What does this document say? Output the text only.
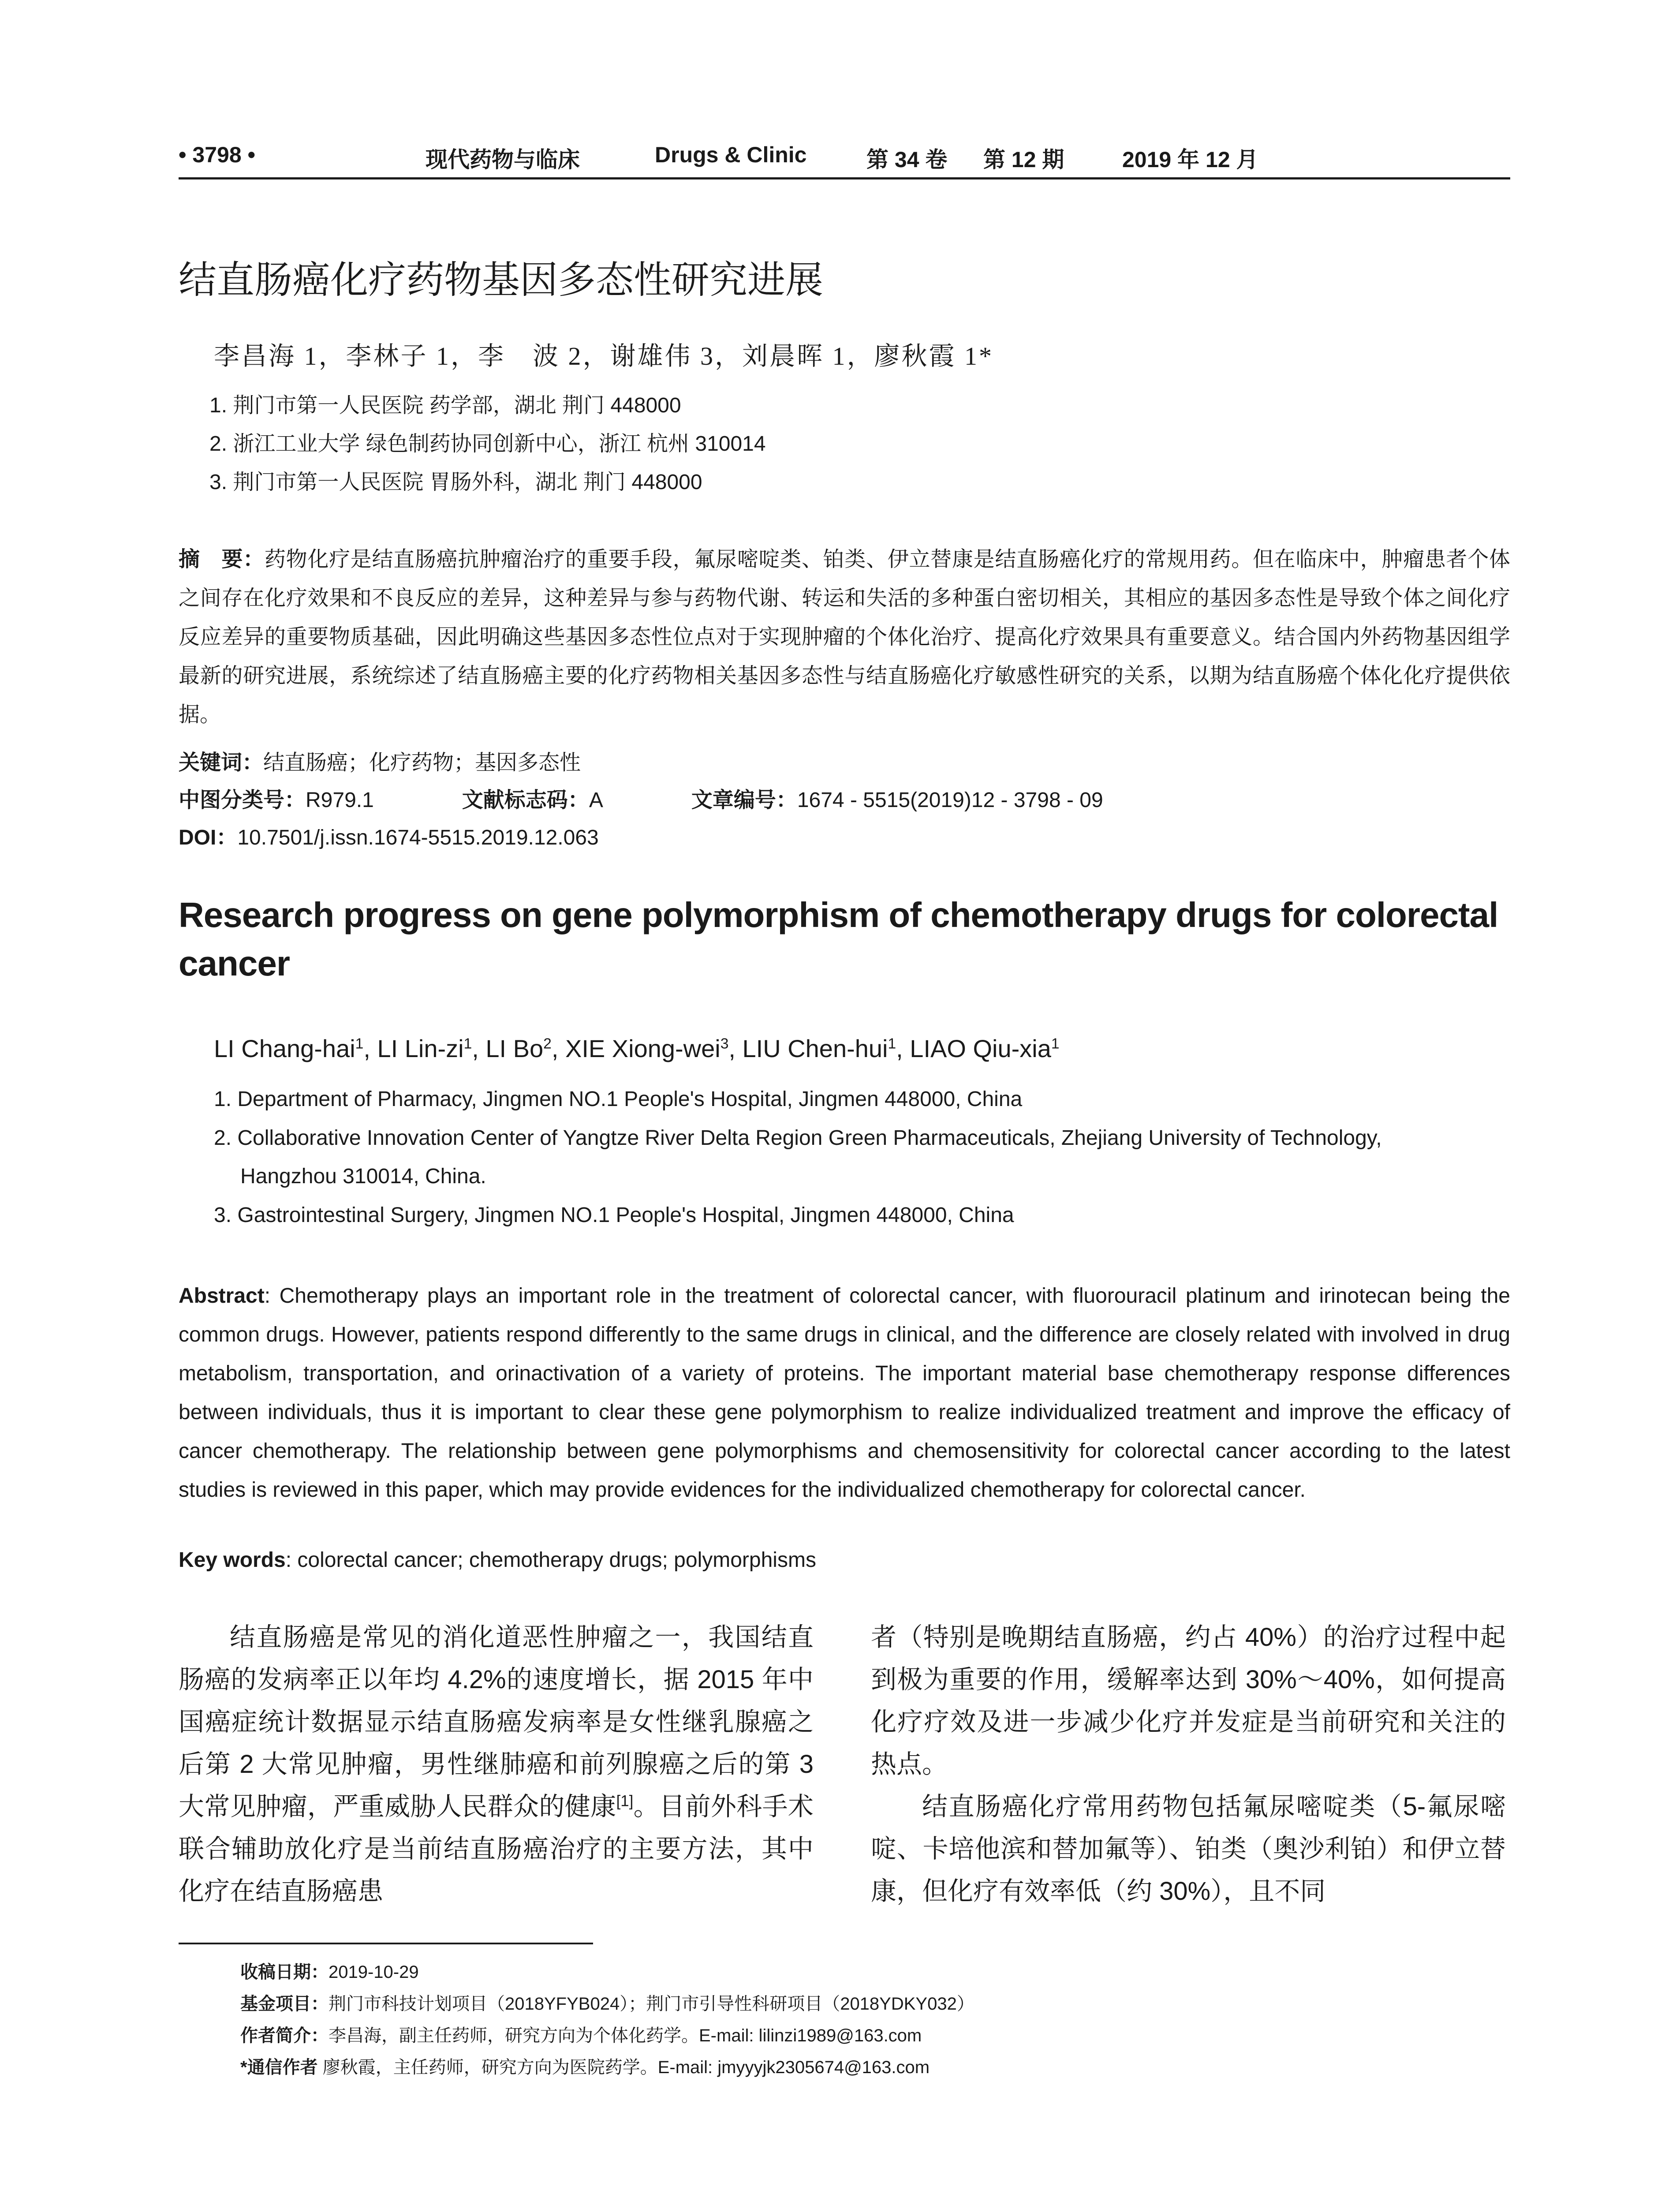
• 3798 •	现代药物与临床	Drugs & Clinic	第 34 卷 第 12 期	2019 年 12 月
结直肠癌化疗药物基因多态性研究进展
李昌海 1，李林子 1，李　波 2，谢雄伟 3，刘晨晖 1，廖秋霞 1*
1. 荆门市第一人民医院 药学部，湖北 荆门 448000
2. 浙江工业大学 绿色制药协同创新中心，浙江 杭州 310014
3. 荆门市第一人民医院 胃肠外科，湖北 荆门 448000
摘　要：药物化疗是结直肠癌抗肿瘤治疗的重要手段，氟尿嘧啶类、铂类、伊立替康是结直肠癌化疗的常规用药。但在临床中，肿瘤患者个体之间存在化疗效果和不良反应的差异，这种差异与参与药物代谢、转运和失活的多种蛋白密切相关，其相应的基因多态性是导致个体之间化疗反应差异的重要物质基础，因此明确这些基因多态性位点对于实现肿瘤的个体化治疗、提高化疗效果具有重要意义。结合国内外药物基因组学最新的研究进展，系统综述了结直肠癌主要的化疗药物相关基因多态性与结直肠癌化疗敏感性研究的关系，以期为结直肠癌个体化化疗提供依据。
关键词：结直肠癌；化疗药物；基因多态性
中图分类号：R979.1	文献标志码：A	文章编号：1674 - 5515(2019)12 - 3798 - 09
DOI：10.7501/j.issn.1674-5515.2019.12.063
Research progress on gene polymorphism of chemotherapy drugs for colorectal cancer
LI Chang-hai$^1$, LI Lin-$zi^1$, LI Bo$^2$, XIE Xiong-wei$^3$, LIU Chen-hui$^1$, LIAO Qiu-xia$^1$
1. Department of Pharmacy, Jingmen NO.1 People's Hospital, Jingmen 448000, China
2. Collaborative Innovation Center of Yangtze River Delta Region Green Pharmaceuticals, Zhejiang University of Technology,
Hangzhou 310014, China.
3. Gastrointestinal Surgery, Jingmen NO.1 People's Hospital, Jingmen 448000, China
Abstract: Chemotherapy plays an important role in the treatment of colorectal cancer, with fluorouracil platinum and irinotecan being the common drugs. However, patients respond differently to the same drugs in clinical, and the difference are closely related with involved in drug metabolism, transportation, and orinactivation of a variety of proteins. The important material base chemotherapy response differences between individuals, thus it is important to clear these gene polymorphism to realize individualized treatment and improve the efficacy of cancer chemotherapy. The relationship between gene polymorphisms and chemosensitivity for colorectal cancer according to the latest studies is reviewed in this paper, which may provide evidences for the individualized chemotherapy for colorectal cancer.
Key words: colorectal cancer; chemotherapy drugs; polymorphisms

结直肠癌是常见的消化道恶性肿瘤之一，我国结直肠癌的发病率正以年均 4.2%的速度增长，据 2015 年中国癌症统计数据显示结直肠癌发病率是女性继乳腺癌之后第 2 大常见肿瘤，男性继肺癌和前列腺癌之后的第 3 大常见肿瘤，严重威胁人民群众的健康[1]。目前外科手术联合辅助放化疗是当前结直肠癌治疗的主要方法，其中化疗在结直肠癌患

者（特别是晚期结直肠癌，约占 40%）的治疗过程中起到极为重要的作用，缓解率达到 30%～40%，如何提高化疗疗效及进一步减少化疗并发症是当前研究和关注的热点。

结直肠癌化疗常用药物包括氟尿嘧啶类（5-氟尿嘧啶、卡培他滨和替加氟等）、铂类（奥沙利铂）和伊立替康，但化疗有效率低（约 30%），且不同

收稿日期：2019-10-29
基金项目：荆门市科技计划项目（2018YFYB024）；荆门市引导性科研项目（2018YDKY032）
作者简介：李昌海，副主任药师，研究方向为个体化药学。E-mail: lilinzi1989@163.com
*通信作者 廖秋霞，主任药师，研究方向为医院药学。E-mail: jmyyyjk2305674@163.com
